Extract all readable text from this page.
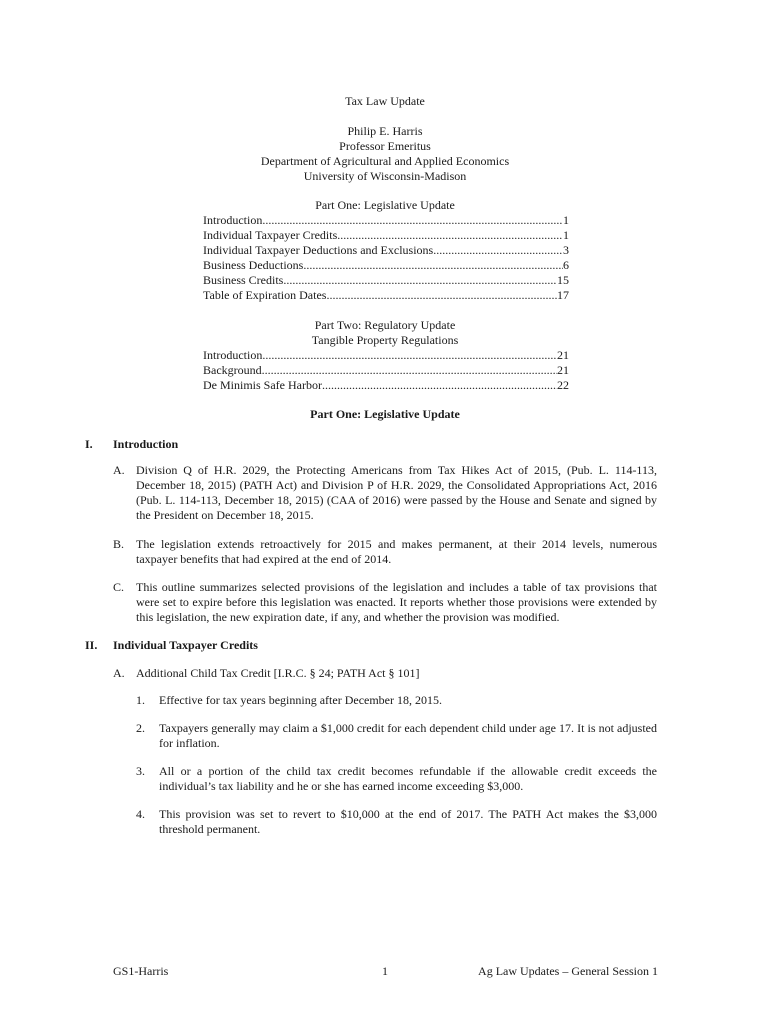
Tax Law Update
Philip E. Harris
Professor Emeritus
Department of Agricultural and Applied Economics
University of Wisconsin-Madison
Part One: Legislative Update
Introduction .....	1
Individual Taxpayer Credits .....	1
Individual Taxpayer Deductions and Exclusions .....	3
Business Deductions .....	6
Business Credits .....	15
Table of Expiration Dates .....	17
Part Two: Regulatory Update
Tangible Property Regulations
Introduction .....	21
Background .....	21
De Minimis Safe Harbor .....	22
Part One: Legislative Update
I. Introduction
A. Division Q of H.R. 2029, the Protecting Americans from Tax Hikes Act of 2015, (Pub. L. 114-113, December 18, 2015) (PATH Act) and Division P of H.R. 2029, the Consolidated Appropriations Act, 2016 (Pub. L. 114-113, December 18, 2015) (CAA of 2016) were passed by the House and Senate and signed by the President on December 18, 2015.
B. The legislation extends retroactively for 2015 and makes permanent, at their 2014 levels, numerous taxpayer benefits that had expired at the end of 2014.
C. This outline summarizes selected provisions of the legislation and includes a table of tax provisions that were set to expire before this legislation was enacted. It reports whether those provisions were extended by this legislation, the new expiration date, if any, and whether the provision was modified.
II. Individual Taxpayer Credits
A. Additional Child Tax Credit [I.R.C. § 24; PATH Act § 101]
1. Effective for tax years beginning after December 18, 2015.
2. Taxpayers generally may claim a $1,000 credit for each dependent child under age 17. It is not adjusted for inflation.
3. All or a portion of the child tax credit becomes refundable if the allowable credit exceeds the individual’s tax liability and he or she has earned income exceeding $3,000.
4. This provision was set to revert to $10,000 at the end of 2017. The PATH Act makes the $3,000 threshold permanent.
GS1-Harris	1	Ag Law Updates – General Session 1
